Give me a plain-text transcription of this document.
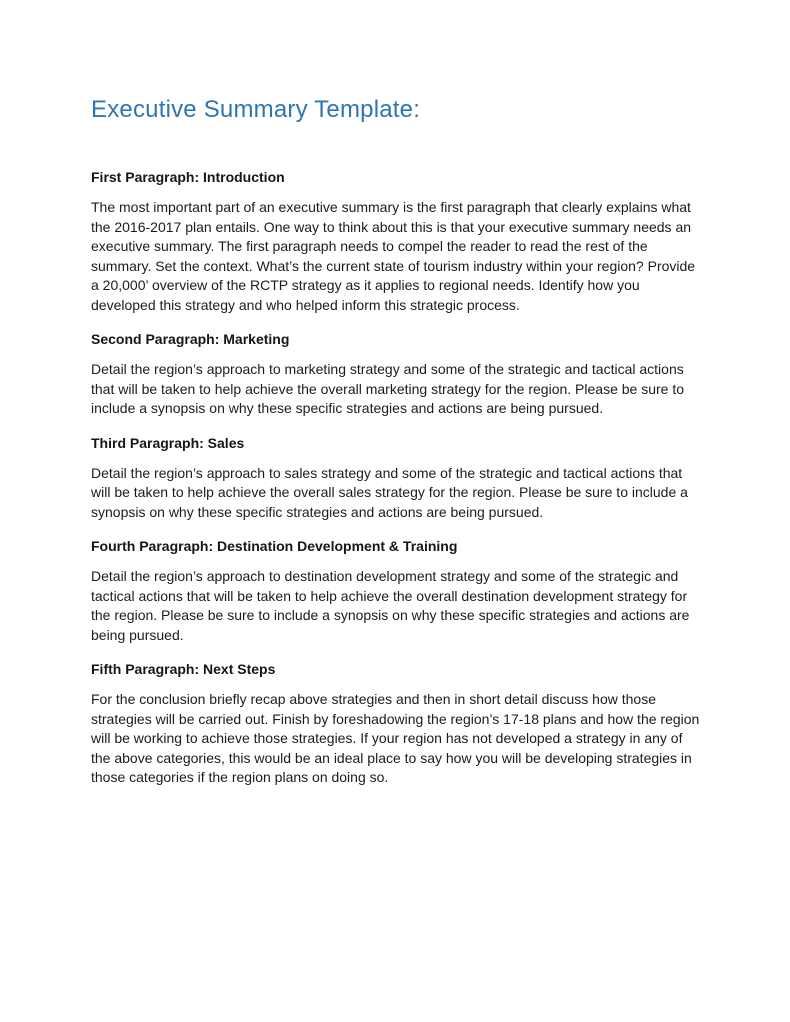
Executive Summary Template:
First Paragraph: Introduction

The most important part of an executive summary is the first paragraph that clearly explains what the 2016-2017 plan entails. One way to think about this is that your executive summary needs an executive summary. The first paragraph needs to compel the reader to read the rest of the summary. Set the context. What’s the current state of tourism industry within your region? Provide a 20,000’ overview of the RCTP strategy as it applies to regional needs. Identify how you developed this strategy and who helped inform this strategic process.

Second Paragraph: Marketing

Detail the region’s approach to marketing strategy and some of the strategic and tactical actions that will be taken to help achieve the overall marketing strategy for the region. Please be sure to include a synopsis on why these specific strategies and actions are being pursued.

Third Paragraph: Sales

Detail the region’s approach to sales strategy and some of the strategic and tactical actions that will be taken to help achieve the overall sales strategy for the region. Please be sure to include a synopsis on why these specific strategies and actions are being pursued.

Fourth Paragraph: Destination Development & Training

Detail the region’s approach to destination development strategy and some of the strategic and tactical actions that will be taken to help achieve the overall destination development strategy for the region. Please be sure to include a synopsis on why these specific strategies and actions are being pursued.

Fifth Paragraph: Next Steps

For the conclusion briefly recap above strategies and then in short detail discuss how those strategies will be carried out. Finish by foreshadowing the region’s 17-18 plans and how the region will be working to achieve those strategies. If your region has not developed a strategy in any of the above categories, this would be an ideal place to say how you will be developing strategies in those categories if the region plans on doing so.
